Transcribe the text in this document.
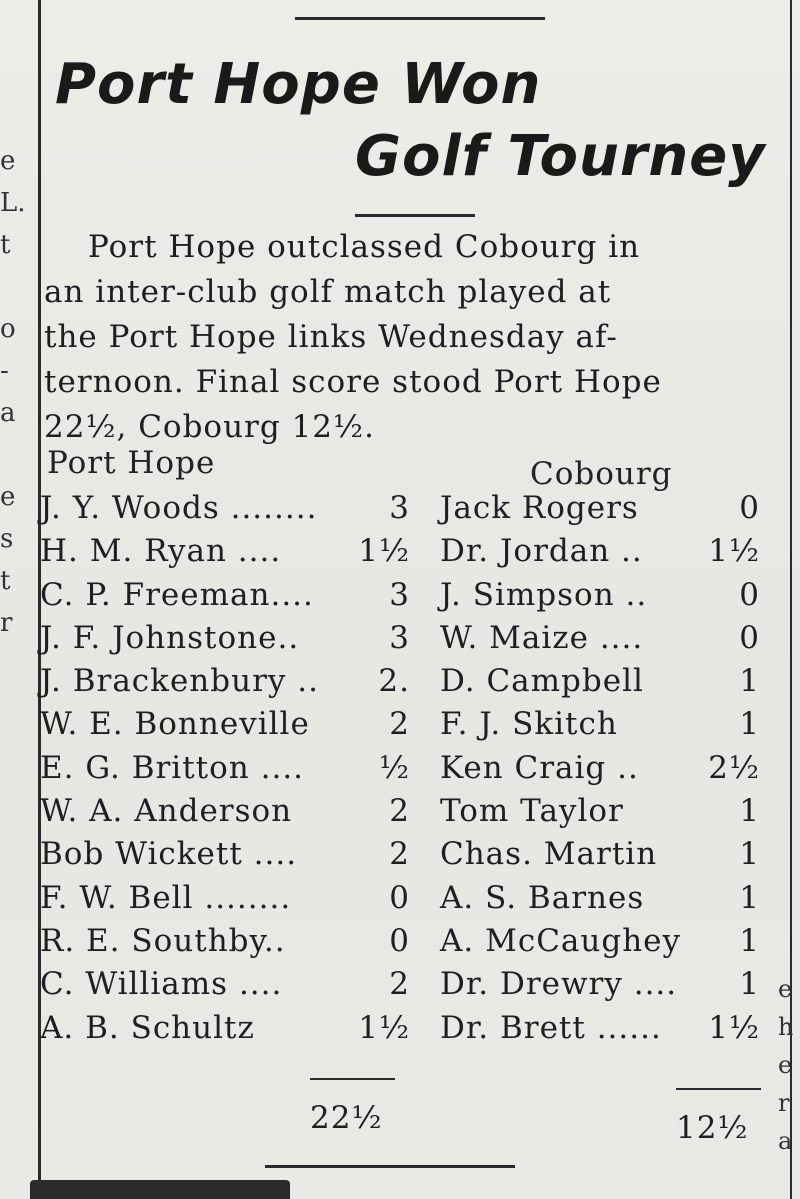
e
L.
t
o
-
a
e
s
t
r
e
h
e
r
a
Port Hope Won
Golf Tourney
Port Hope outclassed Cobourg in
an inter-club golf match played at
the Port Hope links Wednesday af-
ternoon. Final score stood Port Hope
22½, Cobourg 12½.
Port Hope	Cobourg
J. Y. Woods ........	3 Jack Rogers	0
H. M. Ryan ....	1½ Dr. Jordan ..	1½
C. P. Freeman....	3 J. Simpson ..	0
J. F. Johnstone..	3 W. Maize ....	0
J. Brackenbury ..	2. D. Campbell	1
W. E. Bonneville	2 F. J. Skitch	1
E. G. Britton ....	½ Ken Craig ..	2½
W. A. Anderson	2 Tom Taylor	1
Bob Wickett ....	2 Chas. Martin	1
F. W. Bell ........	0 A. S. Barnes	1
R. E. Southby..	0 A. McCaughey	1
C. Williams ....	2 Dr. Drewry ....	1
A. B. Schultz	1½ Dr. Brett ......	1½
22½	12½
